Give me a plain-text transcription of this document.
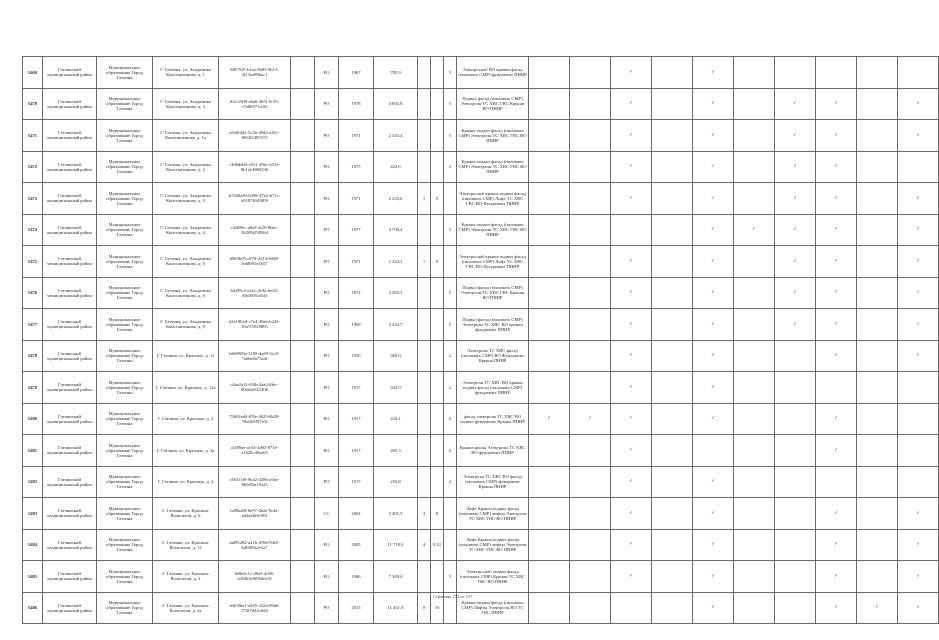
5469	Гатчинский муниципальный район	Муниципальное образование Город Гатчина	Г. Гатчина, ул. Академика Константинова, д. 1	8f87925-b1ae-4b93-9b13-3f13ea89bac1		РО	1967	785,9			5	Электроснаб ВО крыши фасад (пиломать СМР) фундамент ПНИР			✓		✓					
5470	Гатчинский муниципальный район	Муниципальное образование Город Гатчина	Г. Гатчина, ул. Академика Константинова, д. 3	f02c1909-e6a6-4bf3-9c35-e7a8b971c6f2		РО	1978	4 092,8			5	Подвал фасад (пиломать СМР) Электроэн ТС ХВС ГВС Крыши ВО ПНИР			✓		✓		✓	✓		✓
5471	Гатчинский муниципальный район	Муниципальное образование Город Гатчина	Г. Гатчина, ул. Академика Константинова, д. 1а	a5a9f4b2-5c2b-49d2-a261-8f04f2495315		РО	1971	2 543,4			5	Крыша подвал фасад (пиломать СМР) Электроэн ТС ХВС ГВС ВО ПНИР			✓		✓		✓	✓		✓
5472	Гатчинский муниципальный район	Муниципальное образование Город Гатчина	Г. Гатчина, ул. Академика Константинова, д. 2	c306dd04-a521-49bc-b51e-8b1a14869236		РО	1975	424,6			5	Крыша подвал фасад (пиломать СМР) Электроэн ТС ХВС ГВС ВО ПНИР			✓		✓		✓	✓		
5473	Гатчинский муниципальный район	Муниципальное образование Город Гатчина	Г. Гатчина, ул. Академика Константинова, д. 3	b7440a30-b398-47b2-b71c-b91876549f09		РО	1971	2 235,0	1	9		Электроснаб крыша подвал фасад (пиломать СМР) Лифт ТС ХВС ГВС ВО Фундамент ПНИР			✓		✓		✓	✓		✓
5474	Гатчинский муниципальный район	Муниципальное образование Город Гатчина	Г. Гатчина, ул. Академика Константинова, д. 4	c2d09ec-a6a5-4f29-8bee-56209f258564		РО	1977	4 706,4			5	Крыша подвал фасад (пиломать СМР) Электроэн ТС ХВС ГВС ВО ПНИР					✓	✓	✓	✓		✓
5475	Гатчинский муниципальный район	Муниципальное образование Город Гатчина	Г. Гатчина, ул. Академика Константинова, д. 5	6963b05-c878-4214-9d38-ebb8f91e1b57		РО	1971	2 324,1	1	9		Электроснаб крыша подвал фасад (пиломать СМР) Лифт ТС ХВС ГВС ВО Фундамент ПНИР			✓		✓		✓	✓		✓
5476	Гатчинский муниципальный район	Муниципальное образование Город Гатчина	Г. Гатчина, ул. Академика Константинова, д. 6	b4f95c2-e4a1-4c9a-be24-f0fd5f91a5d3		РО	1972	4 303,3			5	Подвал фасад (пиломать СМР) Электроэн ТС ХВС ГВС Крыши ВО ПНИР			✓		✓		✓	✓		✓
5477	Гатчинский муниципальный район	Муниципальное образование Город Гатчина	Г. Гатчина, ул. Академика Константинова, д. 9	d2e19b2d-c7e4-49ab-b243-35a7f5929805		РО	1969	3 432,7			5	Подвал фасад (пиломать СМР) Электроэн ТС ХВС ВО кровли фундамент ПНИР			✓		✓		✓	✓		✓
5478	Гатчинский муниципальный район	Муниципальное образование Город Гатчина	Г. Гатчина, ул. Красных, д. 11	b6f6909a-3109-4ad9-3cc5-7ab6e0a75a4f		РО	1950	369,0			2	Электроэн ТС ХВС фасад (пиломать СМР) ВО Фундамент Крыша ПНИР			✓		✓			✓		✓
5479	Гатчинский муниципальный район	Муниципальное образование Город Гатчина	Г. Гатчина, ул. Красных, д. 12а	c4aa2a12-0f4b-4aa2-8fec-00eb2e821406		РО	1917	334,9			2	Электроэн ТС ХВС ВО крыша подвал фасад (пиломать СМР) фундамент ПНИР			✓		✓					
5480	Гатчинский муниципальный район	Муниципальное образование Город Гатчина	Г. Гатчина, ул. Красных, д. 2	75602ed4-f05e-4625-8b28-70d450f97e0f		РО	1917	434,1			2	фасад электроэн ТС ХВС ВО подвал фундамент Крыша ПНИР	✓	✓	✓		✓			✓		
5481	Гатчинский муниципальный район	Муниципальное образование Город Гатчина	Г. Гатчина, ул. Красных, д. 3а	a1f89ae-ac54-4d93-971e-a1628c40ae65		РО	1917	493,3			2	Крыша фасад Электроэн ТС ХВС ВО фундамент ПНИР			✓					✓		
5482	Гатчинский муниципальный район	Муниципальное образование Город Гатчина	Г. Гатчина, ул. Красных, д. 4	c561f1f0-9b42-4286-a9ae-8f6e92a19a32		РО	1917	253,8			2	Электроэн ТС ХВС ВО фасад (пиломать СМР) фундамент Крыша ПНИР			✓		✓					
5483	Гатчинский муниципальный район	Муниципальное образование Город Гатчина	Г. Гатчина, ул. Красных Военлетов, д. 6	fa80ba8f-6e97-4b2a-9c4a-ed4a2bf6c98f		СС	2004	3 491,5	3	8		Лифт Крыша подвал фасад (пиломать СМР) лифты Электроэн ТС ХВС ГВС ВО ПНИР			✓		✓			✓		✓
5484	Гатчинский муниципальный район	Муниципальное образование Город Гатчина	Г. Гатчина, ул. Красных Военлетов, д. 11	fad95284-a41b-4766-94e5-b40f09a2e3a7		РО	2005	11 710,0	4	9,12		Лифт Крыша подвал фасад (пиломать СМР) лифты Электроэн ТС ХВС ГВС ВО ПНИР			✓		✓			✓		✓
5485	Гатчинский муниципальный район	Муниципальное образование Город Гатчина	Г. Гатчина, ул. Красных Военлетов, д. 2	6e8e0c1c-48a5-4c96-b2f6b3e8f05dfe10		РО	1986	7 389,4			5	Электроснаб подвал фасад (пиломать СМР) Крыши ТС ХВС ГВС ВО ПНИР			✓		✓			✓		✓
5486	Гатчинский муниципальный район	Муниципальное образование Город Гатчина	Г. Гатчина, ул. Красных Военлетов, д. 2а	d4fc9ba1-a545-432d-99a6-772f7d42c6d4		РО	2015	11 431,9	8	10		Крыша подвал фасад (пиломать СМР) Лифты Электроэн ВО ТС ГВС ПНИР					✓			✓	✓	✓
Страница 153 из 157
